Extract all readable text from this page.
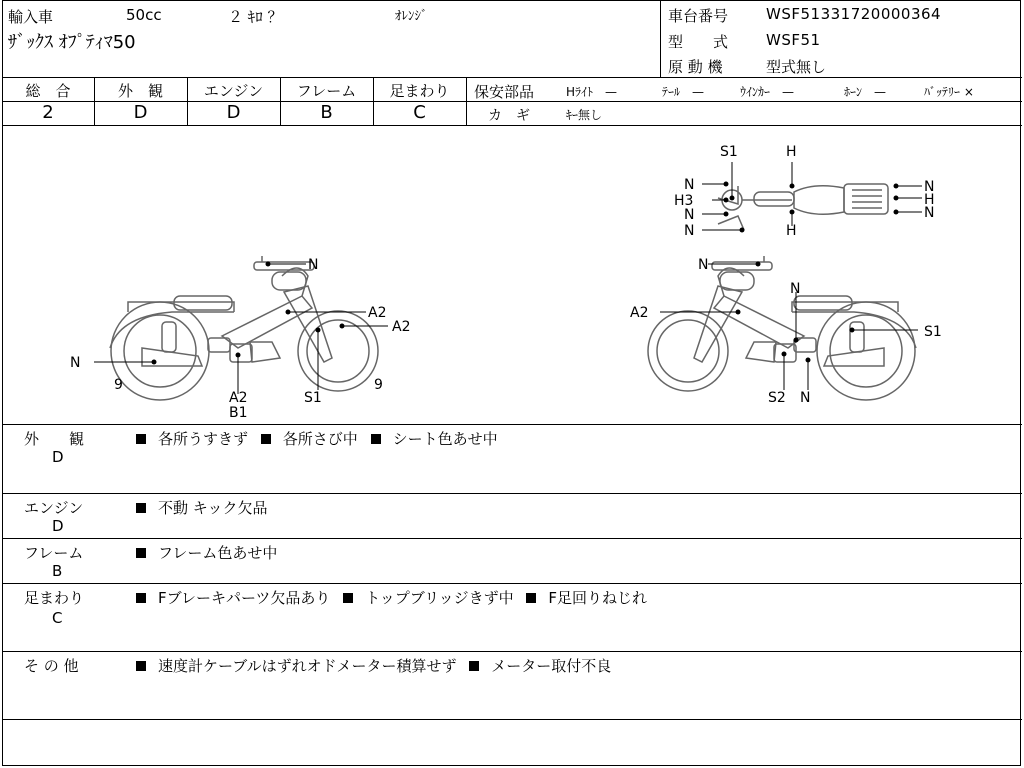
輸入車	50cc	２ ｷﾛ ？	ｵﾚﾝｼﾞ
ｻﾞｯｸｽ ｵﾌﾟﾃｨﾏ50
車台番号	WSF51331720000364
型　　式	WSF51
原 動 機	型式無し
総　合	外　観	エンジン	フレーム	足まわり
2	D	D	B	C
保安部品	Hﾗｲﾄ　—	ﾃｰﾙ　—	ｳｲﾝｶｰ　—	ﾎｰﾝ　—	ﾊﾞｯﾃﾘｰ ×
カ　ギ	ｷｰ無し
N
A2
A2
N
9
A2
B1
S1
9
N
N
A2
S1
S2 N
S1	H
N
H3
N
N	H
N
H
N
外　　観
D
各所うすきず 各所さび中 シート色あせ中
エンジン
D
不動 キック欠品
フレーム
B
フレーム色あせ中
足まわり
C
Fブレーキパーツ欠品あり トップブリッジきず中 F足回りねじれ
そ の 他	速度計ケーブルはずれオドメーター積算せず メーター取付不良
